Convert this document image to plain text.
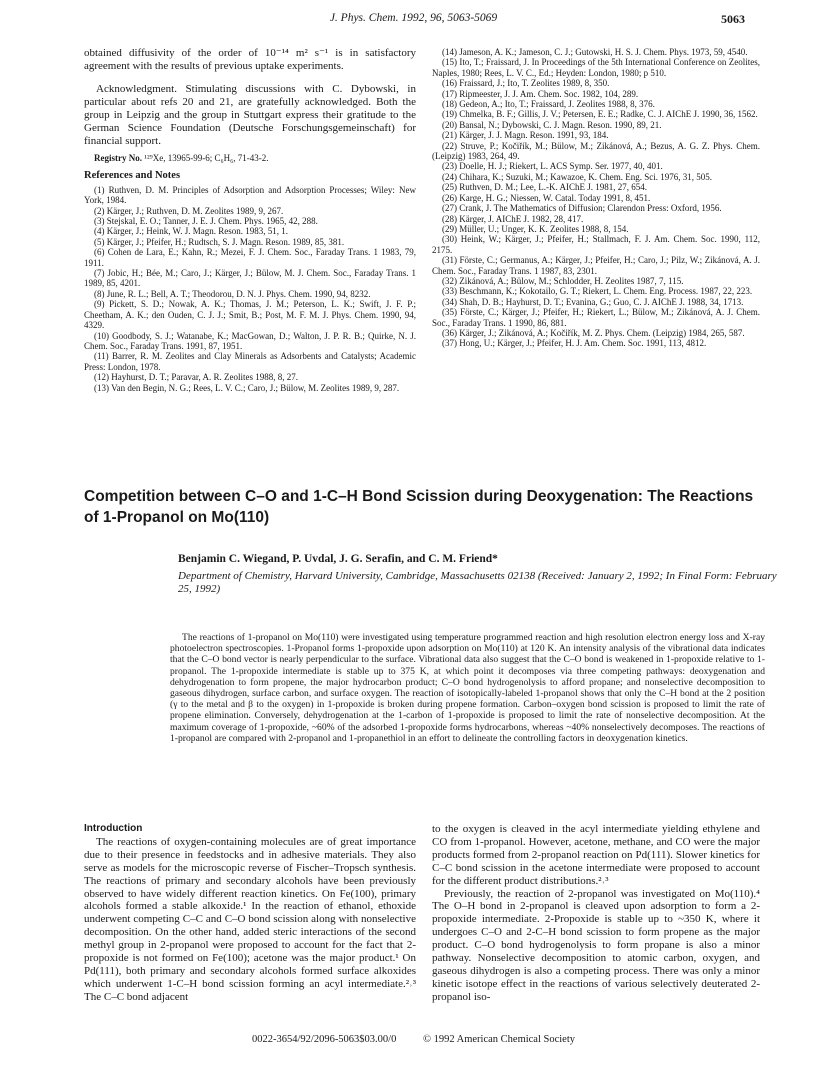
J. Phys. Chem. 1992, 96, 5063-5069	5063

obtained diffusivity of the order of 10⁻¹⁴ m² s⁻¹ is in satisfactory agreement with the results of previous uptake experiments.

Acknowledgment. Stimulating discussions with C. Dybowski, in particular about refs 20 and 21, are gratefully acknowledged. Both the group in Leipzig and the group in Stuttgart express their gratitude to the German Science Foundation (Deutsche Forschungsgemeinschaft) for financial support.

Registry No. ¹²⁹Xe, 13965-99-6; C₆H₆, 71-43-2.

References and Notes

(1) Ruthven, D. M. Principles of Adsorption and Adsorption Processes; Wiley: New York, 1984.

(2) Kärger, J.; Ruthven, D. M. Zeolites 1989, 9, 267.

(3) Stejskal, E. O.; Tanner, J. E. J. Chem. Phys. 1965, 42, 288.

(4) Kärger, J.; Heink, W. J. Magn. Reson. 1983, 51, 1.

(5) Kärger, J.; Pfeifer, H.; Rudtsch, S. J. Magn. Reson. 1989, 85, 381.

(6) Cohen de Lara, E.; Kahn, R.; Mezei, F. J. Chem. Soc., Faraday Trans. 1 1983, 79, 1911.

(7) Jobic, H.; Bée, M.; Caro, J.; Kärger, J.; Bülow, M. J. Chem. Soc., Faraday Trans. 1 1989, 85, 4201.

(8) June, R. L.; Bell, A. T.; Theodorou, D. N. J. Phys. Chem. 1990, 94, 8232.

(9) Pickett, S. D.; Nowak, A. K.; Thomas, J. M.; Peterson, L. K.; Swift, J. F. P.; Cheetham, A. K.; den Ouden, C. J. J.; Smit, B.; Post, M. F. M. J. Phys. Chem. 1990, 94, 4329.

(10) Goodbody, S. J.; Watanabe, K.; MacGowan, D.; Walton, J. P. R. B.; Quirke, N. J. Chem. Soc., Faraday Trans. 1991, 87, 1951.

(11) Barrer, R. M. Zeolites and Clay Minerals as Adsorbents and Catalysts; Academic Press: London, 1978.

(12) Hayhurst, D. T.; Paravar, A. R. Zeolites 1988, 8, 27.

(13) Van den Begin, N. G.; Rees, L. V. C.; Caro, J.; Bülow, M. Zeolites 1989, 9, 287.

(14) Jameson, A. K.; Jameson, C. J.; Gutowski, H. S. J. Chem. Phys. 1973, 59, 4540.

(15) Ito, T.; Fraissard, J. In Proceedings of the 5th International Conference on Zeolites, Naples, 1980; Rees, L. V. C., Ed.; Heyden: London, 1980; p 510.

(16) Fraissard, J.; Ito, T. Zeolites 1989, 8, 350.

(17) Ripmeester, J. J. Am. Chem. Soc. 1982, 104, 289.

(18) Gedeon, A.; Ito, T.; Fraissard, J. Zeolites 1988, 8, 376.

(19) Chmelka, B. F.; Gillis, J. V.; Petersen, E. E.; Radke, C. J. AIChE J. 1990, 36, 1562.

(20) Bansal, N.; Dybowski, C. J. Magn. Reson. 1990, 89, 21.

(21) Kärger, J. J. Magn. Reson. 1991, 93, 184.

(22) Struve, P.; Kočiřík, M.; Bülow, M.; Zikánová, A.; Bezus, A. G. Z. Phys. Chem. (Leipzig) 1983, 264, 49.

(23) Doelle, H. J.; Riekert, L. ACS Symp. Ser. 1977, 40, 401.

(24) Chihara, K.; Suzuki, M.; Kawazoe, K. Chem. Eng. Sci. 1976, 31, 505.

(25) Ruthven, D. M.; Lee, L.-K. AIChE J. 1981, 27, 654.

(26) Karge, H. G.; Niessen, W. Catal. Today 1991, 8, 451.

(27) Crank, J. The Mathematics of Diffusion; Clarendon Press: Oxford, 1956.

(28) Kärger, J. AIChE J. 1982, 28, 417.

(29) Müller, U.; Unger, K. K. Zeolites 1988, 8, 154.

(30) Heink, W.; Kärger, J.; Pfeifer, H.; Stallmach, F. J. Am. Chem. Soc. 1990, 112, 2175.

(31) Förste, C.; Germanus, A.; Kärger, J.; Pfeifer, H.; Caro, J.; Pilz, W.; Zikánová, A. J. Chem. Soc., Faraday Trans. 1 1987, 83, 2301.

(32) Zikánová, A.; Bülow, M.; Schlodder, H. Zeolites 1987, 7, 115.

(33) Beschmann, K.; Kokotailo, G. T.; Riekert, L. Chem. Eng. Process. 1987, 22, 223.

(34) Shah, D. B.; Hayhurst, D. T.; Evanina, G.; Guo, C. J. AIChE J. 1988, 34, 1713.

(35) Förste, C.; Kärger, J.; Pfeifer, H.; Riekert, L.; Bülow, M.; Zikánová, A. J. Chem. Soc., Faraday Trans. 1 1990, 86, 881.

(36) Kärger, J.; Zikánová, A.; Kočiřík, M. Z. Phys. Chem. (Leipzig) 1984, 265, 587.

(37) Hong, U.; Kärger, J.; Pfeifer, H. J. Am. Chem. Soc. 1991, 113, 4812.

Competition between C–O and 1-C–H Bond Scission during Deoxygenation: The Reactions of 1-Propanol on Mo(110)
Benjamin C. Wiegand, P. Uvdal, J. G. Serafin, and C. M. Friend*
Department of Chemistry, Harvard University, Cambridge, Massachusetts 02138 (Received: January 2, 1992; In Final Form: February 25, 1992)
The reactions of 1-propanol on Mo(110) were investigated using temperature programmed reaction and high resolution electron energy loss and X-ray photoelectron spectroscopies. 1-Propanol forms 1-propoxide upon adsorption on Mo(110) at 120 K. An intensity analysis of the vibrational data indicates that the C–O bond vector is nearly perpendicular to the surface. Vibrational data also suggest that the C–O bond is weakened in 1-propoxide relative to 1-propanol. The 1-propoxide intermediate is stable up to 375 K, at which point it decomposes via three competing pathways: deoxygenation and dehydrogenation to form propene, the major hydrocarbon product; C–O bond hydrogenolysis to afford propane; and nonselective decomposition to gaseous dihydrogen, surface carbon, and surface oxygen. The reaction of isotopically-labeled 1-propanol shows that only the C–H bond at the 2 position (γ to the metal and β to the oxygen) in 1-propoxide is broken during propene formation. Carbon–oxygen bond scission is proposed to limit the rate of propene elimination. Conversely, dehydrogenation at the 1-carbon of 1-propoxide is proposed to limit the rate of nonselective decomposition. At the maximum coverage of 1-propoxide, ~60% of the adsorbed 1-propoxide forms hydrocarbons, whereas ~40% nonselectively decomposes. The reactions of 1-propanol are compared with 2-propanol and 1-propanethiol in an effort to delineate the controlling factors in deoxygenation kinetics.

Introduction

The reactions of oxygen-containing molecules are of great importance due to their presence in feedstocks and in adhesive materials. They also serve as models for the microscopic reverse of Fischer–Tropsch synthesis. The reactions of primary and secondary alcohols have been previously observed to have widely different reaction kinetics. On Fe(100), primary alcohols formed a stable alkoxide.¹ In the reaction of ethanol, ethoxide underwent competing C–C and C–O bond scission along with nonselective decomposition. On the other hand, added steric interactions of the second methyl group in 2-propanol were proposed to account for the fact that 2-propoxide is not formed on Fe(100); acetone was the major product.¹ On Pd(111), both primary and secondary alcohols formed surface alkoxides which underwent 1-C–H bond scission forming an acyl intermediate.²˒³ The C–C bond adjacent

to the oxygen is cleaved in the acyl intermediate yielding ethylene and CO from 1-propanol. However, acetone, methane, and CO were the major products formed from 2-propanol reaction on Pd(111). Slower kinetics for C–C bond scission in the acetone intermediate were proposed to account for the different product distributions.²˒³

Previously, the reaction of 2-propanol was investigated on Mo(110).⁴ The O–H bond in 2-propanol is cleaved upon adsorption to form a 2-propoxide intermediate. 2-Propoxide is stable up to ~350 K, where it undergoes C–O and 2-C–H bond scission to form propene as the major product. C–O bond hydrogenolysis to form propane is also a minor pathway. Nonselective decomposition to atomic carbon, oxygen, and gaseous dihydrogen is also a competing process. There was only a minor kinetic isotope effect in the reactions of various selectively deuterated 2-propanol iso-

0022-3654/92/2096-5063$03.00/0	© 1992 American Chemical Society
